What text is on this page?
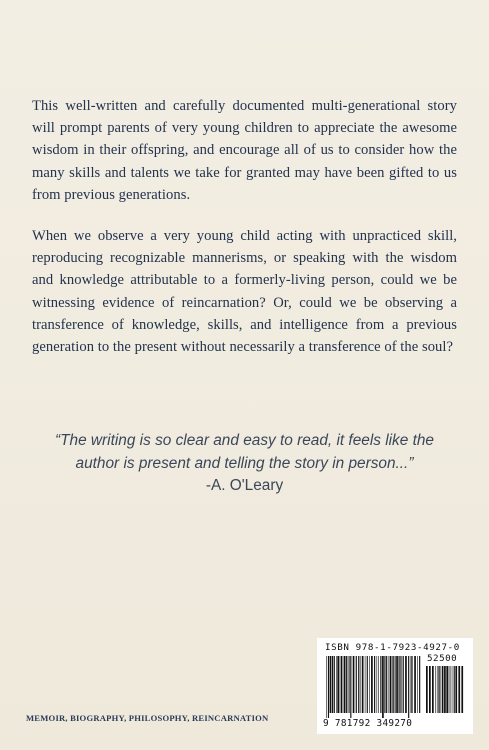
This well-written and carefully documented multi-generational story will prompt parents of very young children to appreciate the awesome wisdom in their offspring, and encourage all of us to consider how the many skills and talents we take for granted may have been gifted to us from previous generations.

When we observe a very young child acting with unpracticed skill, reproducing recognizable mannerisms, or speaking with the wisdom and knowledge attributable to a formerly-living person, could we be witnessing evidence of reincarnation? Or, could we be observing a transference of knowledge, skills, and intelligence from a previous generation to the present without necessarily a transference of the soul?

“The writing is so clear and easy to read, it feels like the
author is present and telling the story in person...”
-A. O'Leary
MEMOIR, BIOGRAPHY, PHILOSOPHY, REINCARNATION
ISBN 978-1-7923-4927-0
52500
9 781792 349270
